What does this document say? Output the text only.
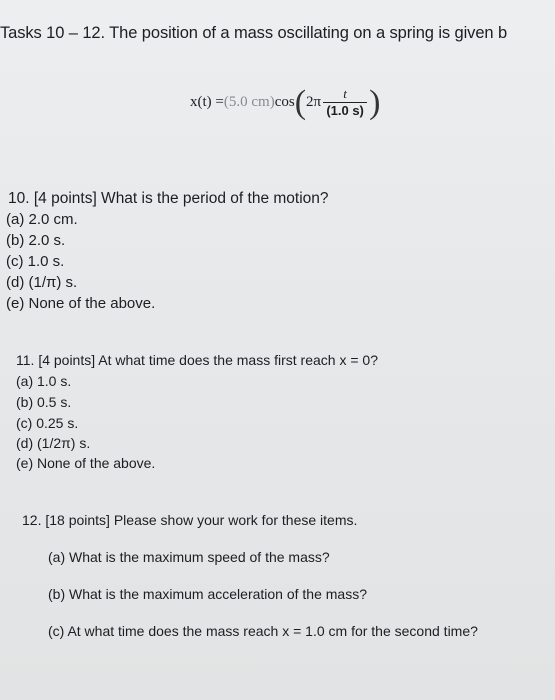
Tasks 10 – 12. The position of a mass oscillating on a spring is given b
x(t) = (5.0 cm) cos ( $2\pi \frac{t}{(1.0 s)}$ )
10. [4 points] What is the period of the motion?
(a) 2.0 cm.
(b) 2.0 s.
(c) 1.0 s.
(d) (1/π) s.
(e) None of the above.
11. [4 points] At what time does the mass first reach x = 0?
(a) 1.0 s.
(b) 0.5 s.
(c) 0.25 s.
(d) (1/2π) s.
(e) None of the above.
12. [18 points] Please show your work for these items.
(a) What is the maximum speed of the mass?
(b) What is the maximum acceleration of the mass?
(c) At what time does the mass reach x = 1.0 cm for the second time?
